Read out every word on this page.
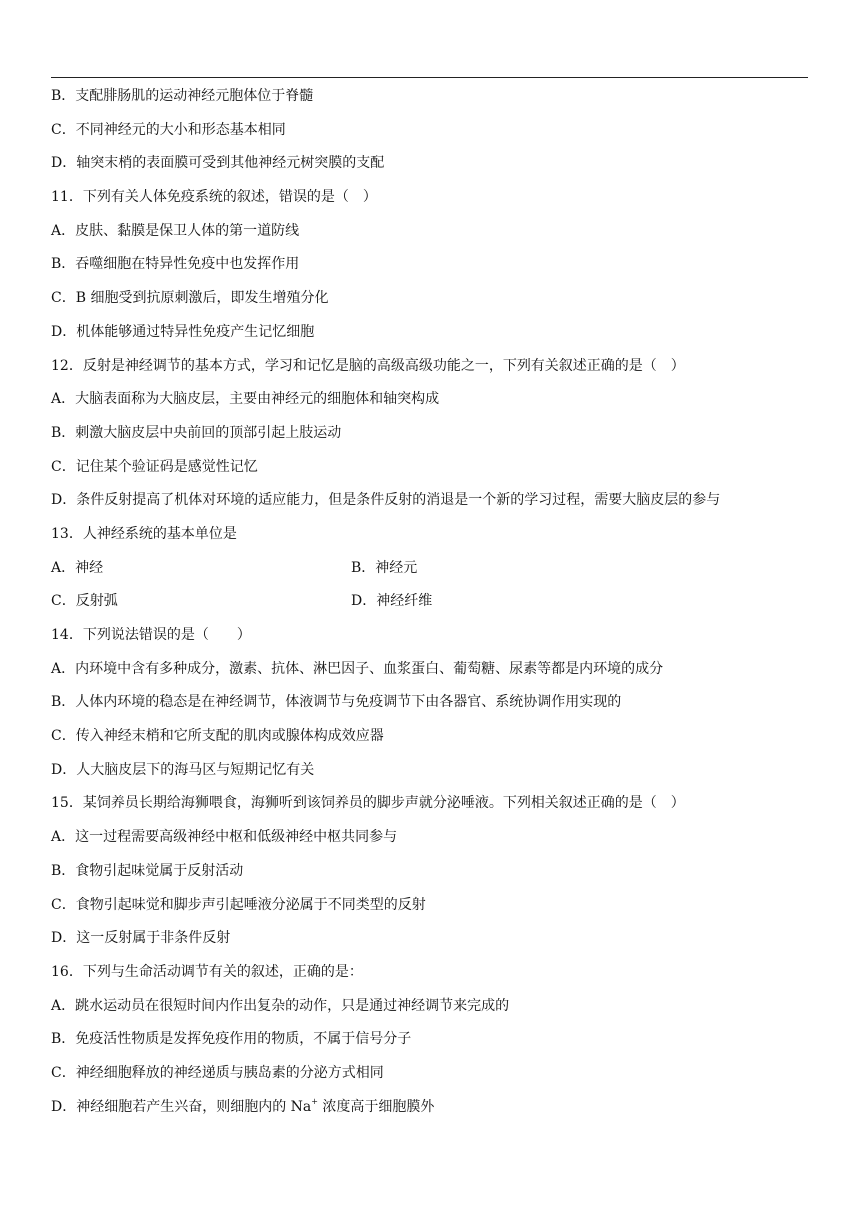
B．支配腓肠肌的运动神经元胞体位于脊髓
C．不同神经元的大小和形态基本相同
D．轴突末梢的表面膜可受到其他神经元树突膜的支配
11．下列有关人体免疫系统的叙述，错误的是（　）
A．皮肤、黏膜是保卫人体的第一道防线
B．吞噬细胞在特异性免疫中也发挥作用
C．B 细胞受到抗原刺激后，即发生增殖分化
D．机体能够通过特异性免疫产生记忆细胞
12．反射是神经调节的基本方式，学习和记忆是脑的高级高级功能之一，下列有关叙述正确的是（　）
A．大脑表面称为大脑皮层，主要由神经元的细胞体和轴突构成
B．刺激大脑皮层中央前回的顶部引起上肢运动
C．记住某个验证码是感觉性记忆
D．条件反射提高了机体对环境的适应能力，但是条件反射的消退是一个新的学习过程，需要大脑皮层的参与
13．人神经系统的基本单位是
A．神经	B．神经元
C．反射弧	D．神经纤维
14．下列说法错误的是（　　）
A．内环境中含有多种成分，激素、抗体、淋巴因子、血浆蛋白、葡萄糖、尿素等都是内环境的成分
B．人体内环境的稳态是在神经调节，体液调节与免疫调节下由各器官、系统协调作用实现的
C．传入神经末梢和它所支配的肌肉或腺体构成效应器
D．人大脑皮层下的海马区与短期记忆有关
15．某饲养员长期给海狮喂食，海狮听到该饲养员的脚步声就分泌唾液。下列相关叙述正确的是（　）
A．这一过程需要高级神经中枢和低级神经中枢共同参与
B．食物引起味觉属于反射活动
C．食物引起味觉和脚步声引起唾液分泌属于不同类型的反射
D．这一反射属于非条件反射
16．下列与生命活动调节有关的叙述，正确的是：
A．跳水运动员在很短时间内作出复杂的动作，只是通过神经调节来完成的
B．免疫活性物质是发挥免疫作用的物质，不属于信号分子
C．神经细胞释放的神经递质与胰岛素的分泌方式相同
D．神经细胞若产生兴奋，则细胞内的 Na+ 浓度高于细胞膜外
